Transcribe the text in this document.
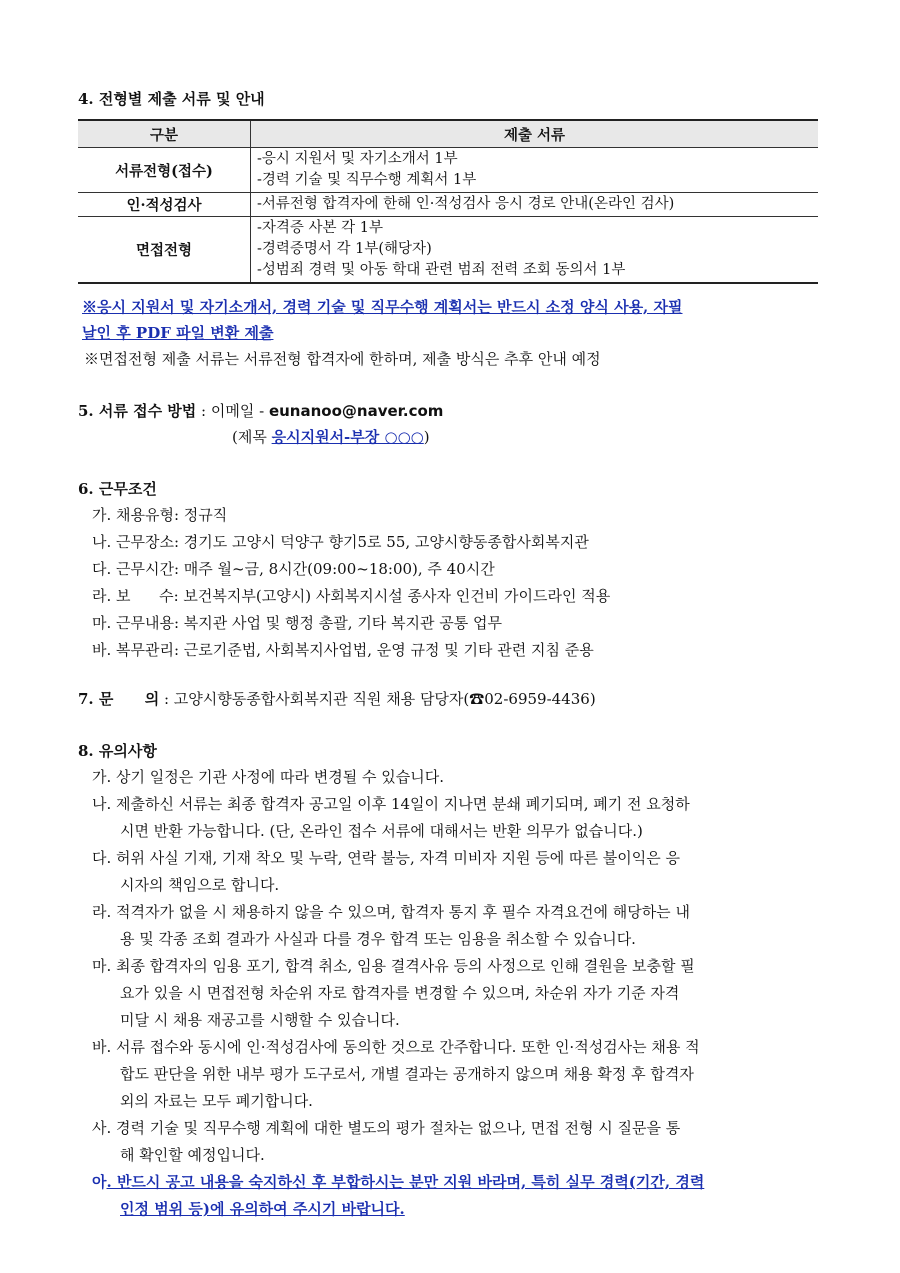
4. 전형별 제출 서류 및 안내
구분	제출 서류
서류전형(접수)	-응시 지원서 및 자기소개서 1부
-경력 기술 및 직무수행 계획서 1부

인·적성검사	-서류전형 합격자에 한해 인·적성검사 응시 경로 안내(온라인 검사)

면접전형	-자격증 사본 각 1부
-경력증명서 각 1부(해당자)
-성범죄 경력 및 아동 학대 관련 범죄 전력 조회 동의서 1부
※응시 지원서 및 자기소개서, 경력 기술 및 직무수행 계획서는 반드시 소정 양식 사용, 자필
날인 후 PDF 파일 변환 제출
※면접전형 제출 서류는 서류전형 합격자에 한하며, 제출 방식은 추후 안내 예정
5. 서류 접수 방법 : 이메일 - eunanoo@naver.com
(제목 응시지원서-부장 ○○○)
6. 근무조건
가. 채용유형: 정규직
나. 근무장소: 경기도 고양시 덕양구 향기5로 55, 고양시향동종합사회복지관
다. 근무시간: 매주 월~금, 8시간(09:00~18:00), 주 40시간
라. 보      수: 보건복지부(고양시) 사회복지시설 종사자 인건비 가이드라인 적용
마. 근무내용: 복지관 사업 및 행정 총괄, 기타 복지관 공통 업무
바. 복무관리: 근로기준법, 사회복지사업법, 운영 규정 및 기타 관련 지침 준용
7. 문      의 : 고양시향동종합사회복지관 직원 채용 담당자(☎02-6959-4436)
8. 유의사항
가. 상기 일정은 기관 사정에 따라 변경될 수 있습니다.
나. 제출하신 서류는 최종 합격자 공고일 이후 14일이 지나면 분쇄 폐기되며, 폐기 전 요청하
시면 반환 가능합니다. (단, 온라인 접수 서류에 대해서는 반환 의무가 없습니다.)
다. 허위 사실 기재, 기재 착오 및 누락, 연락 불능, 자격 미비자 지원 등에 따른 불이익은 응
시자의 책임으로 합니다.
라. 적격자가 없을 시 채용하지 않을 수 있으며, 합격자 통지 후 필수 자격요건에 해당하는 내
용 및 각종 조회 결과가 사실과 다를 경우 합격 또는 임용을 취소할 수 있습니다.
마. 최종 합격자의 임용 포기, 합격 취소, 임용 결격사유 등의 사정으로 인해 결원을 보충할 필
요가 있을 시 면접전형 차순위 자로 합격자를 변경할 수 있으며, 차순위 자가 기준 자격
미달 시 채용 재공고를 시행할 수 있습니다.
바. 서류 접수와 동시에 인·적성검사에 동의한 것으로 간주합니다. 또한 인·적성검사는 채용 적
합도 판단을 위한 내부 평가 도구로서, 개별 결과는 공개하지 않으며 채용 확정 후 합격자
외의 자료는 모두 폐기합니다.
사. 경력 기술 및 직무수행 계획에 대한 별도의 평가 절차는 없으나, 면접 전형 시 질문을 통
해 확인할 예정입니다.
아. 반드시 공고 내용을 숙지하신 후 부합하시는 분만 지원 바라며, 특히 실무 경력(기간, 경력
인정 범위 등)에 유의하여 주시기 바랍니다.
